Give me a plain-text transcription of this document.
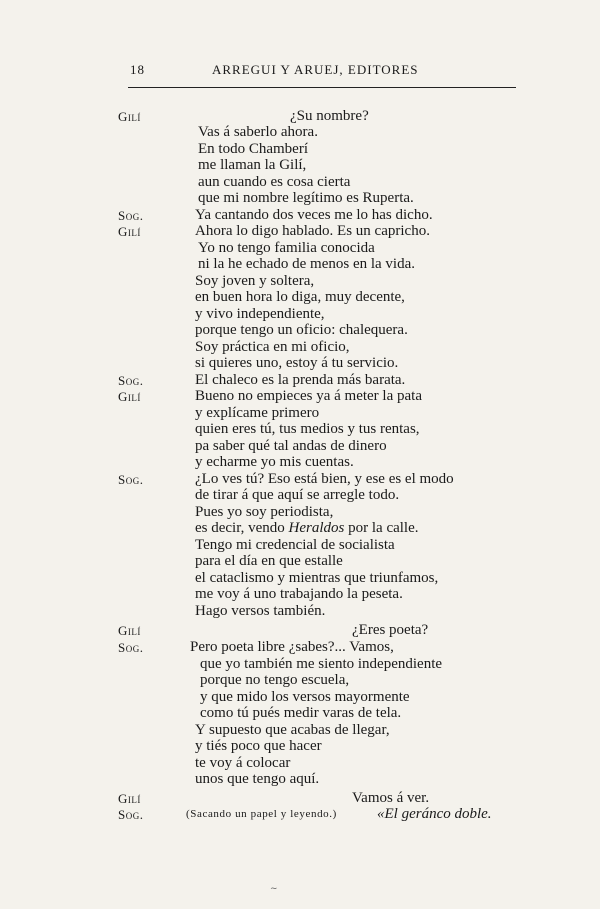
18	ARREGUI Y ARUEJ, EDITORES
Gilí	¿Su nombre?
Vas á saberlo ahora.
En todo Chamberí
me llaman la Gilí,
aun cuando es cosa cierta
que mi nombre legítimo es Ruperta.
Sog.	Ya cantando dos veces me lo has dicho.
Gilí	Ahora lo digo hablado. Es un capricho.
Yo no tengo familia conocida
ni la he echado de menos en la vida.
Soy joven y soltera,
en buen hora lo diga, muy decente,
y vivo independiente,
porque tengo un oficio: chalequera.
Soy práctica en mi oficio,
si quieres uno, estoy á tu servicio.
Sog.	El chaleco es la prenda más barata.
Gilí	Bueno no empieces ya á meter la pata
y explícame primero
quien eres tú, tus medios y tus rentas,
pa saber qué tal andas de dinero
y echarme yo mis cuentas.
Sog.	¿Lo ves tú? Eso está bien, y ese es el modo
de tirar á que aquí se arregle todo.
Pues yo soy periodista,
es decir, vendo Heraldos por la calle.
Tengo mi credencial de socialista
para el día en que estalle
el cataclismo y mientras que triunfamos,
me voy á uno trabajando la peseta.
Hago versos también.
Gilí	¿Eres poeta?
Sog.	Pero poeta libre ¿sabes?... Vamos,
que yo también me siento independiente
porque no tengo escuela,
y que mido los versos mayormente
como tú pués medir varas de tela.
Y supuesto que acabas de llegar,
y tiés poco que hacer
te voy á colocar
unos que tengo aquí.
Gilí	Vamos á ver.
Sog.	(Sacando un papel y leyendo.)	«El geránco doble.
~
